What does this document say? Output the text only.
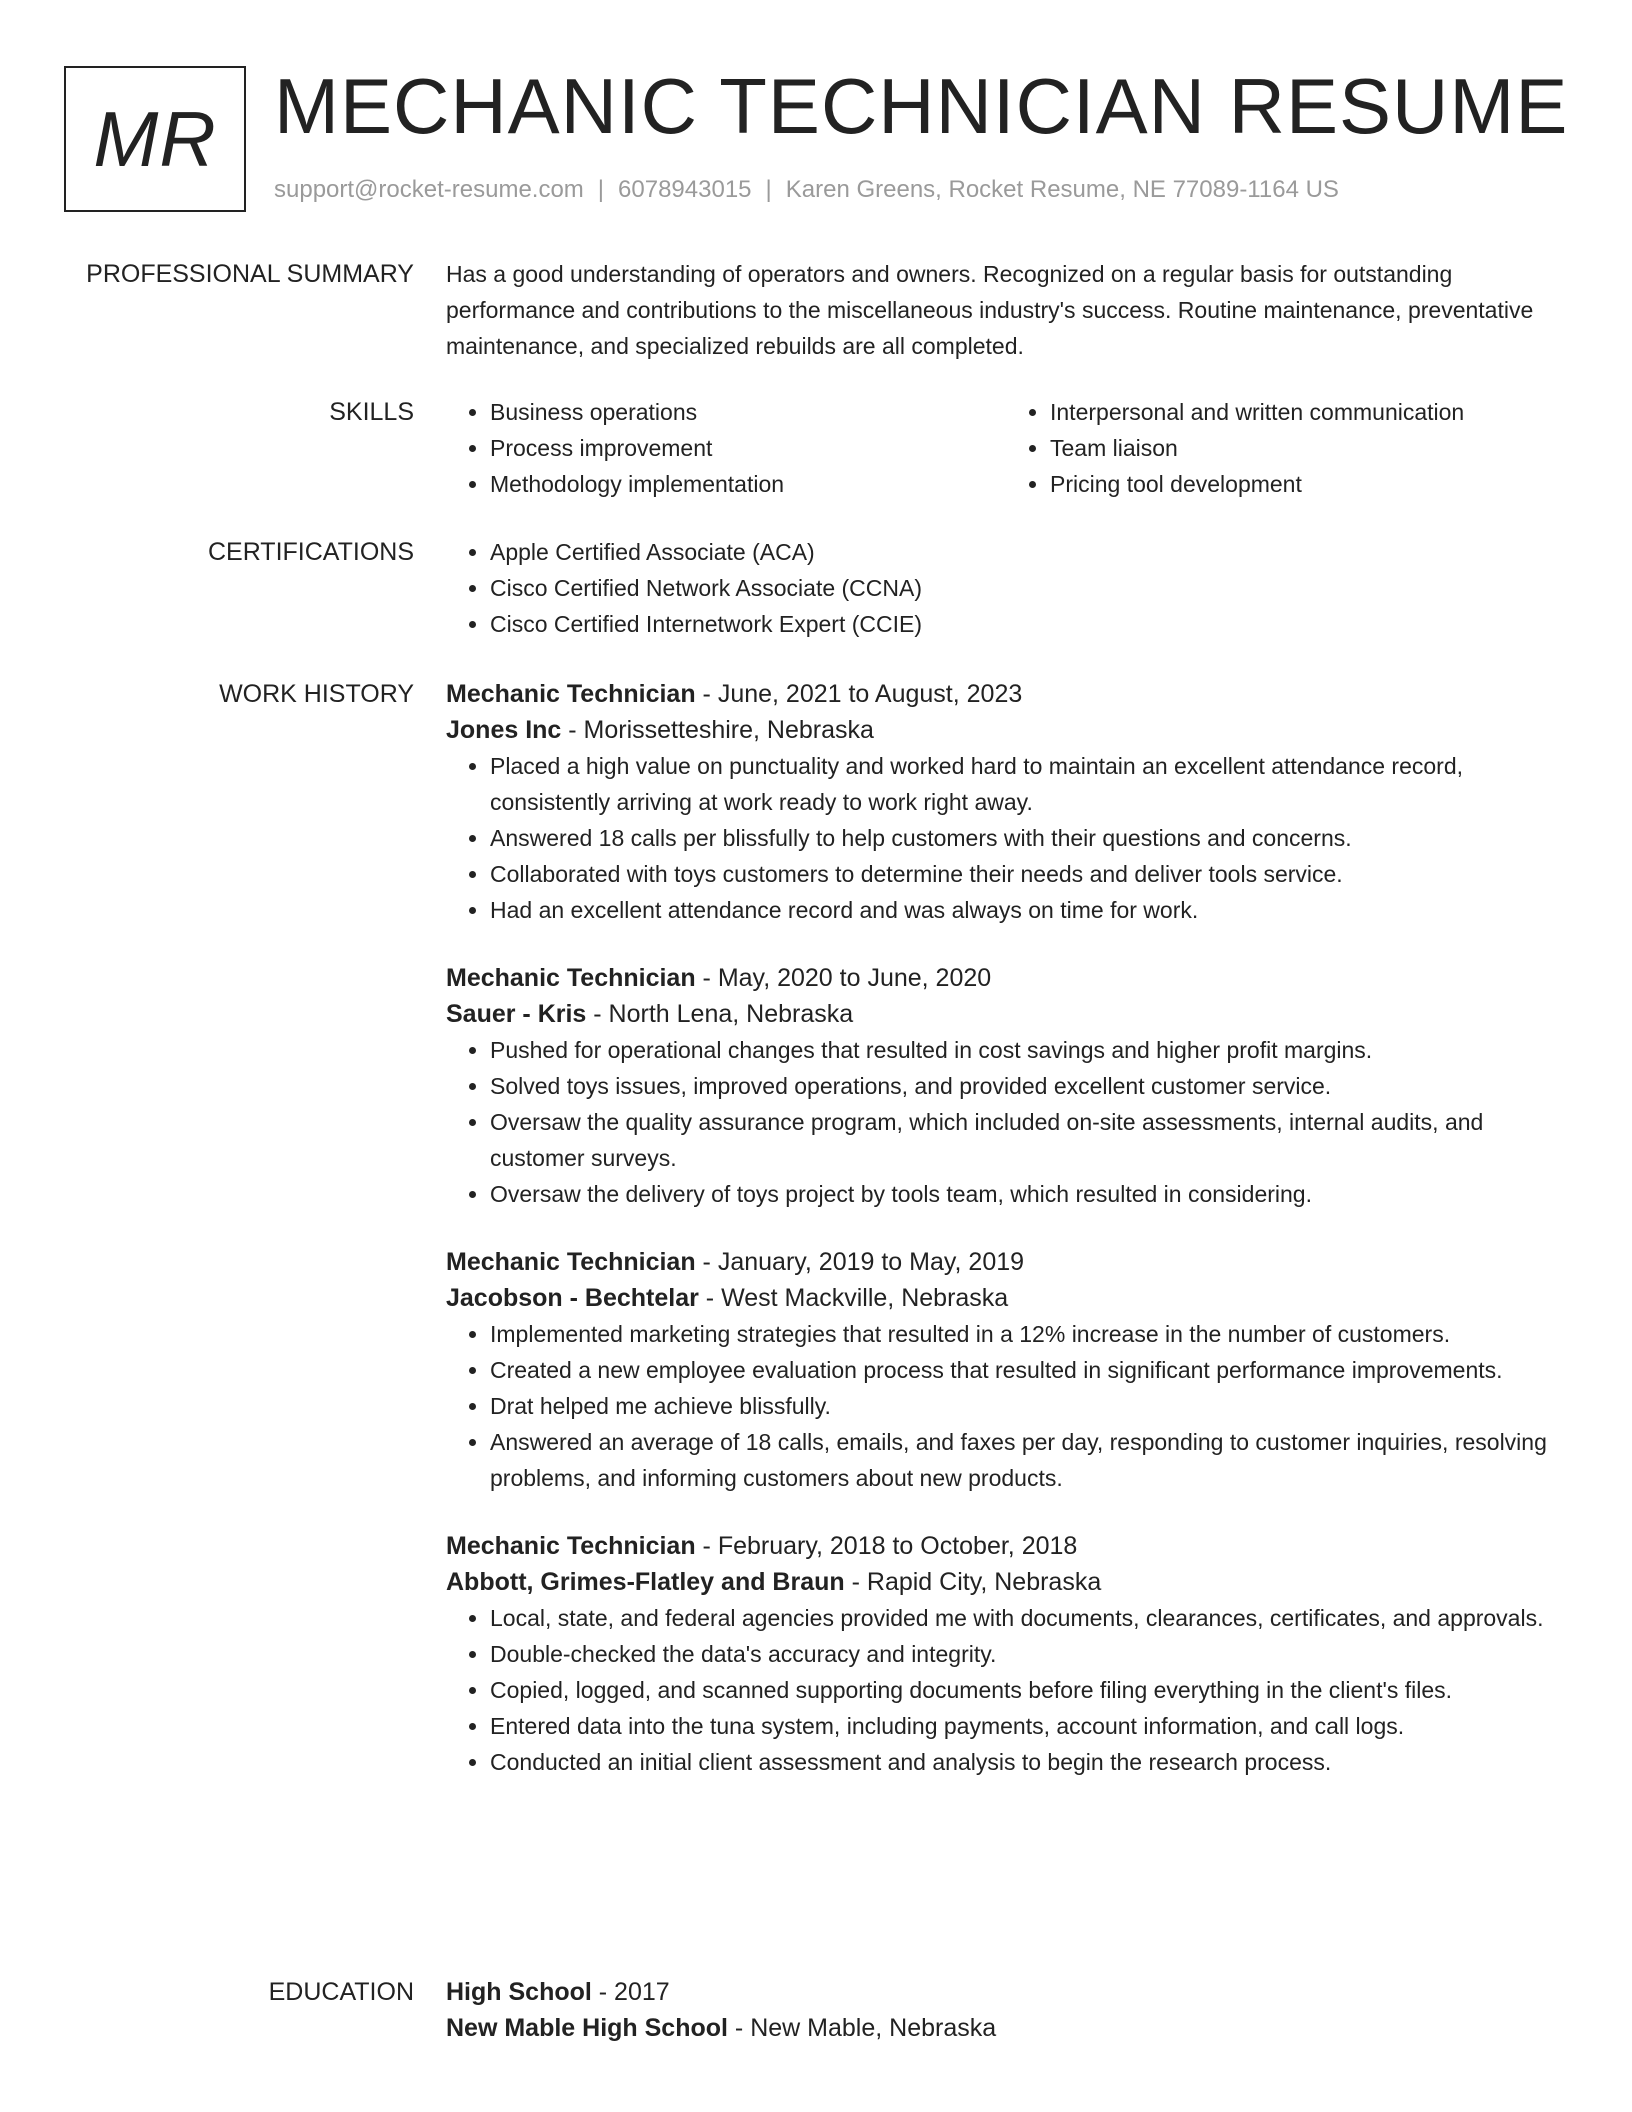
MR MECHANIC TECHNICIAN RESUME
support@rocket-resume.com | 6078943015 | Karen Greens, Rocket Resume, NE 77089-1164 US
PROFESSIONAL SUMMARY Has a good understanding of operators and owners. Recognized on a regular basis for outstanding performance and contributions to the miscellaneous industry's success. Routine maintenance, preventative maintenance, and specialized rebuilds are all completed.

SKILLS	• Business operations
• Process improvement
• Methodology implementation
• Interpersonal and written communication
• Team liaison
• Pricing tool development
CERTIFICATIONS	• Apple Certified Associate (ACA)
• Cisco Certified Network Associate (CCNA)
• Cisco Certified Internetwork Expert (CCIE)
WORK HISTORY Mechanic Technician - June, 2021 to August, 2023

Jones Inc - Morissetteshire, Nebraska

• Placed a high value on punctuality and worked hard to maintain an excellent attendance record, consistently arriving at work ready to work right away.
• Answered 18 calls per blissfully to help customers with their questions and concerns.
• Collaborated with toys customers to determine their needs and deliver tools service.
• Had an excellent attendance record and was always on time for work.

Mechanic Technician - May, 2020 to June, 2020

Sauer - Kris - North Lena, Nebraska

• Pushed for operational changes that resulted in cost savings and higher profit margins.
• Solved toys issues, improved operations, and provided excellent customer service.
• Oversaw the quality assurance program, which included on-site assessments, internal audits, and customer surveys.
• Oversaw the delivery of toys project by tools team, which resulted in considering.

Mechanic Technician - January, 2019 to May, 2019

Jacobson - Bechtelar - West Mackville, Nebraska

• Implemented marketing strategies that resulted in a 12% increase in the number of customers.
• Created a new employee evaluation process that resulted in significant performance improvements.
• Drat helped me achieve blissfully.
• Answered an average of 18 calls, emails, and faxes per day, responding to customer inquiries, resolving problems, and informing customers about new products.

Mechanic Technician - February, 2018 to October, 2018

Abbott, Grimes-Flatley and Braun - Rapid City, Nebraska

• Local, state, and federal agencies provided me with documents, clearances, certificates, and approvals.
• Double-checked the data's accuracy and integrity.
• Copied, logged, and scanned supporting documents before filing everything in the client's files.
• Entered data into the tuna system, including payments, account information, and call logs.
• Conducted an initial client assessment and analysis to begin the research process.
EDUCATION High School - 2017

New Mable High School - New Mable, Nebraska
